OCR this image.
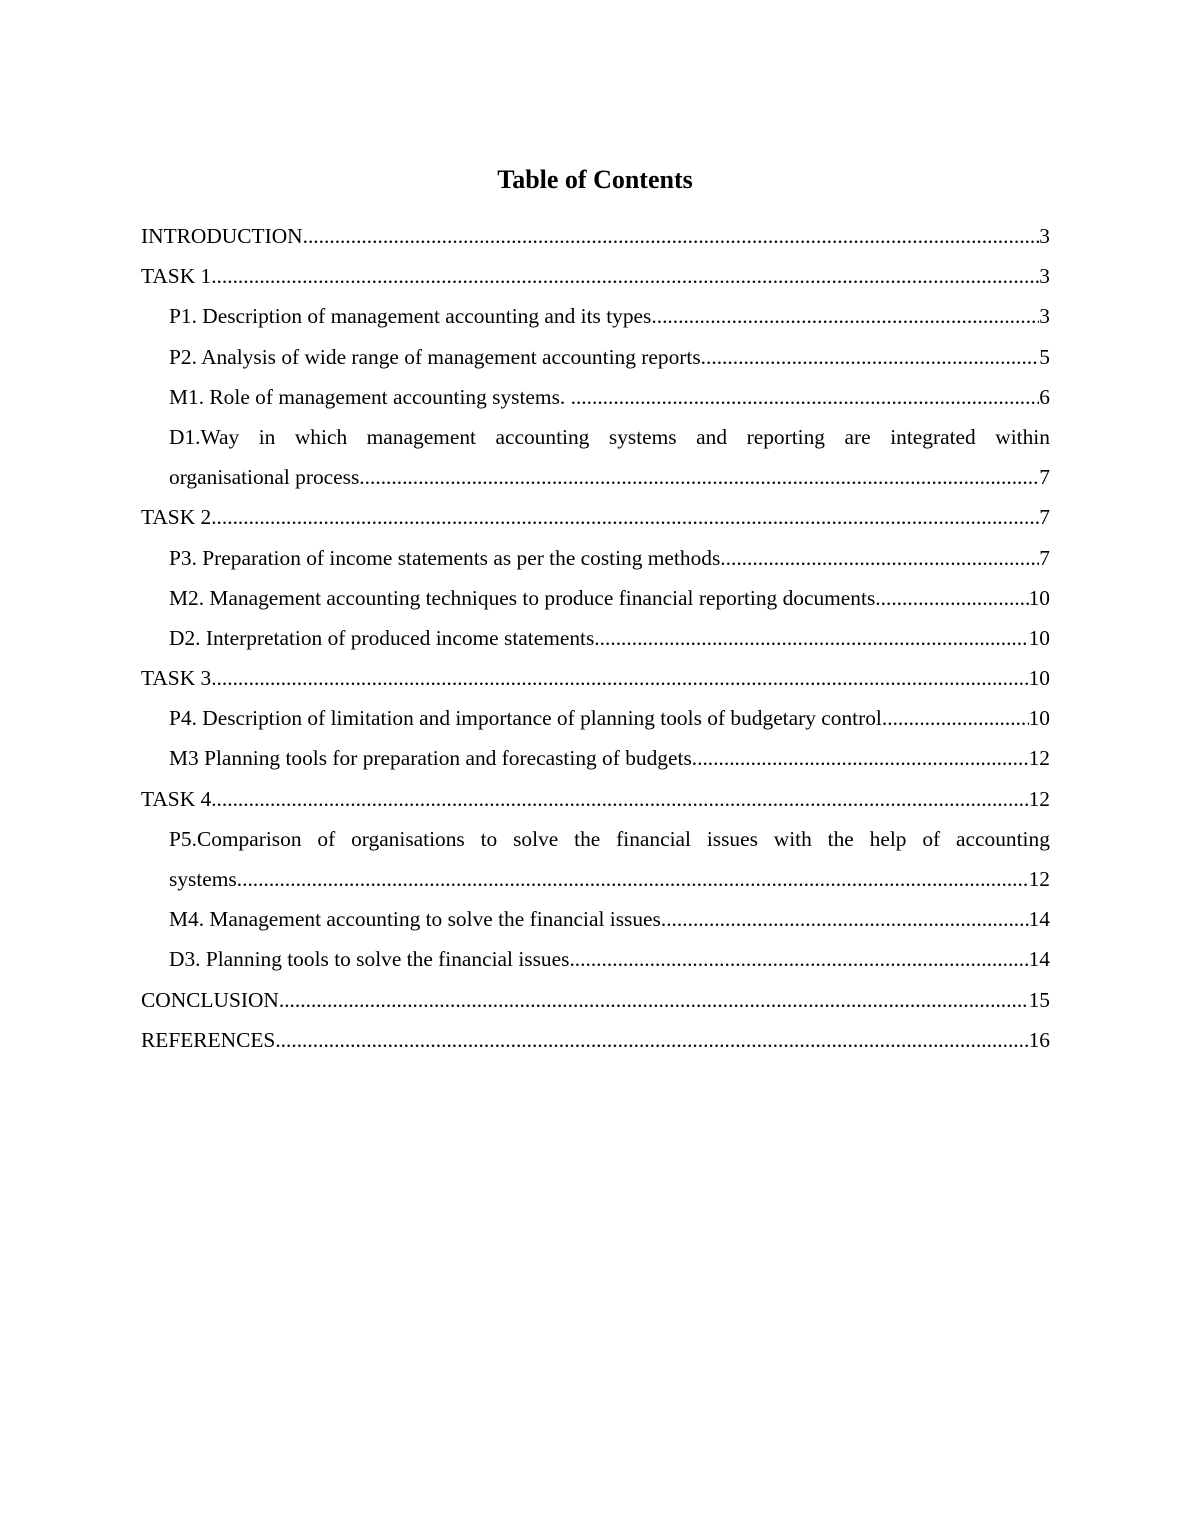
Table of Contents
INTRODUCTION .....	3
TASK 1 .....	3
P1. Description of management accounting and its types .....	3
P2. Analysis of wide range of management accounting reports .....	5
M1. Role of management accounting systems. .....	6
D1.Way in which management accounting systems and reporting are integrated within
organisational process .....	7
TASK 2 .....	7
P3. Preparation of income statements as per the costing methods .....	7
M2. Management accounting techniques to produce financial reporting documents .....	10
D2. Interpretation of produced income statements .....	10
TASK 3 .....	10
P4. Description of limitation and importance of planning tools of budgetary control .....	10
M3 Planning tools for preparation and forecasting of budgets .....	12
TASK 4 .....	12
P5.Comparison of organisations to solve the financial issues with the help of accounting
systems .....	12
M4. Management accounting to solve the financial issues .....	14
D3. Planning tools to solve the financial issues .....	14
CONCLUSION .....	15
REFERENCES .....	16
